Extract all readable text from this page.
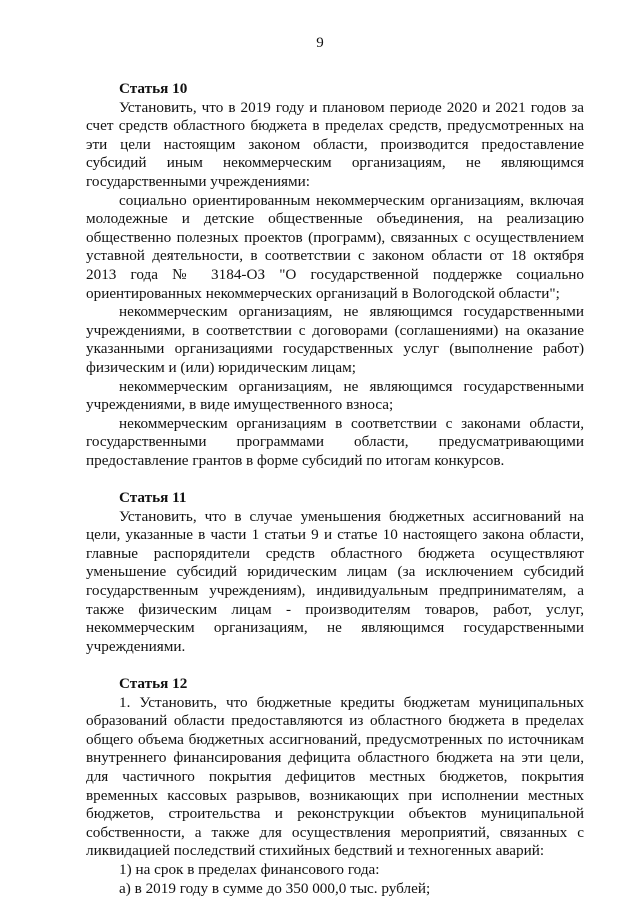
9

Статья 10

Установить, что в 2019 году и плановом периоде 2020 и 2021 годов за счет средств областного бюджета в пределах средств, предусмотренных на эти цели настоящим законом области, производится предоставление субсидий иным некоммерческим организациям, не являющимся государственными учреждениями:

социально ориентированным некоммерческим организациям, включая молодежные и детские общественные объединения, на реализацию общественно полезных проектов (программ), связанных с осуществлением уставной деятельности, в соответствии с законом области от 18 октября 2013 года № 3184-ОЗ "О государственной поддержке социально ориентированных некоммерческих организаций в Вологодской области";

некоммерческим организациям, не являющимся государственными учреждениями, в соответствии с договорами (соглашениями) на оказание указанными организациями государственных услуг (выполнение работ) физическим и (или) юридическим лицам;

некоммерческим организациям, не являющимся государственными учреждениями, в виде имущественного взноса;

некоммерческим организациям в соответствии с законами области, государственными программами области, предусматривающими предоставление грантов в форме субсидий по итогам конкурсов.

Статья 11

Установить, что в случае уменьшения бюджетных ассигнований на цели, указанные в части 1 статьи 9 и статье 10 настоящего закона области, главные распорядители средств областного бюджета осуществляют уменьшение субсидий юридическим лицам (за исключением субсидий государственным учреждениям), индивидуальным предпринимателям, а также физическим лицам - производителям товаров, работ, услуг, некоммерческим организациям, не являющимся государственными учреждениями.

Статья 12

1. Установить, что бюджетные кредиты бюджетам муниципальных образований области предоставляются из областного бюджета в пределах общего объема бюджетных ассигнований, предусмотренных по источникам внутреннего финансирования дефицита областного бюджета на эти цели, для частичного покрытия дефицитов местных бюджетов, покрытия временных кассовых разрывов, возникающих при исполнении местных бюджетов, строительства и реконструкции объектов муниципальной собственности, а также для осуществления мероприятий, связанных с ликвидацией последствий стихийных бедствий и техногенных аварий:

1) на срок в пределах финансового года:

а) в 2019 году в сумме до 350 000,0 тыс. рублей;
